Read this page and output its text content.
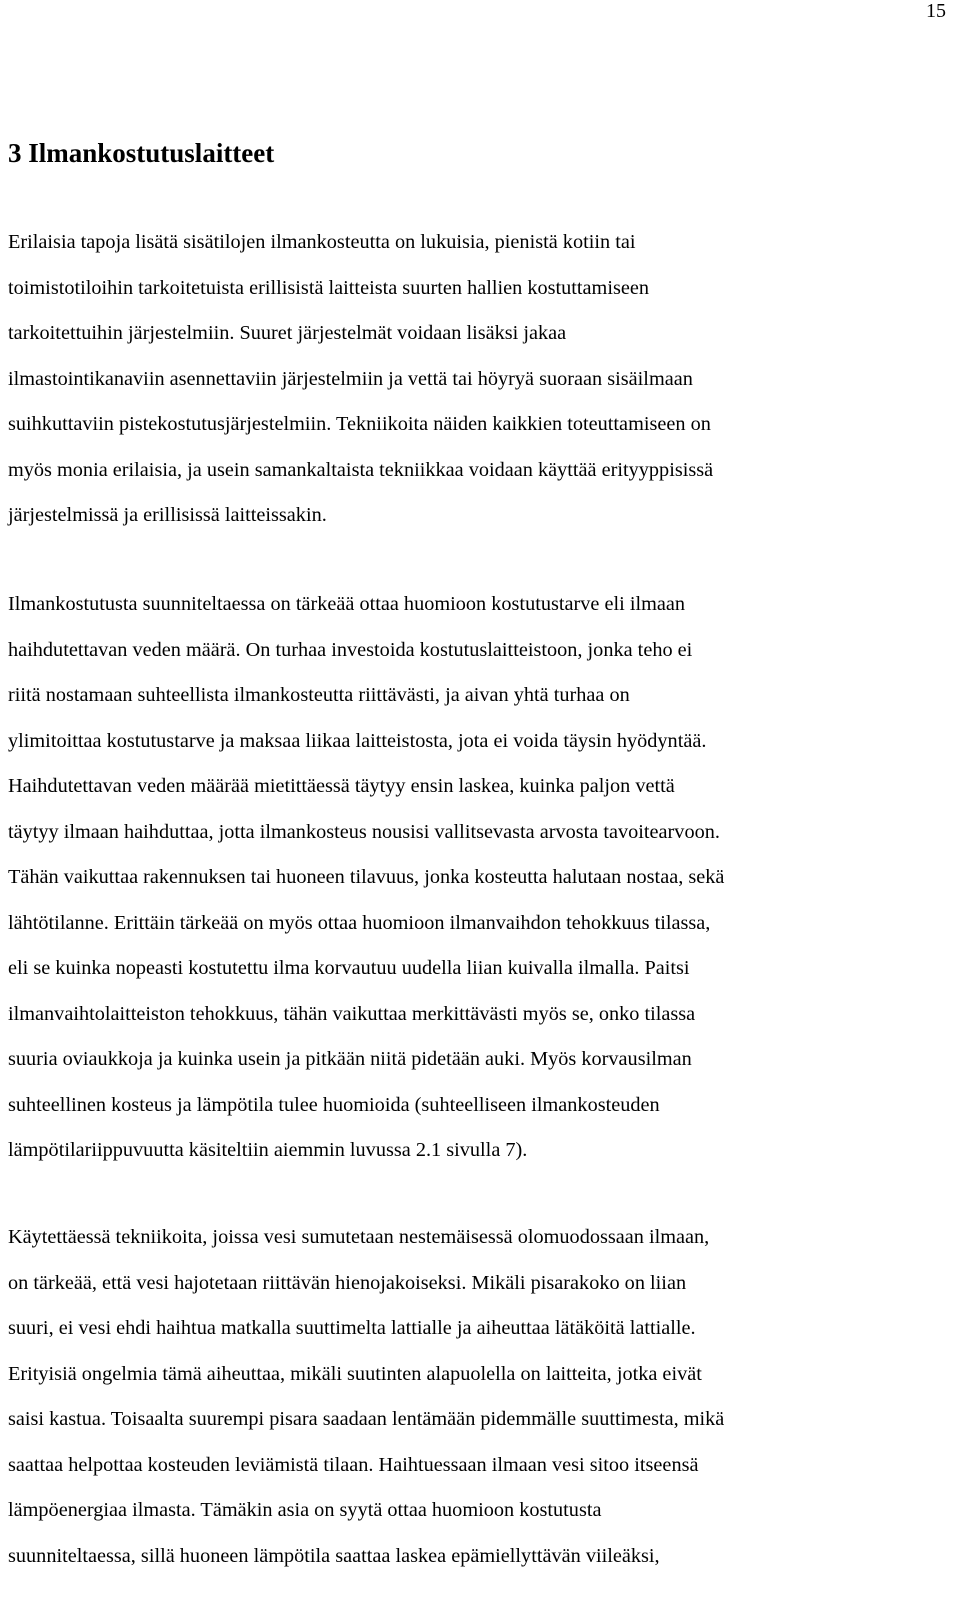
15
3 Ilmankostutuslaitteet

Erilaisia tapoja lisätä sisätilojen ilmankosteutta on lukuisia, pienistä kotiin tai
toimistotiloihin tarkoitetuista erillisistä laitteista suurten hallien kostuttamiseen
tarkoitettuihin järjestelmiin. Suuret järjestelmät voidaan lisäksi jakaa
ilmastointikanaviin asennettaviin järjestelmiin ja vettä tai höyryä suoraan sisäilmaan
suihkuttaviin pistekostutusjärjestelmiin. Tekniikoita näiden kaikkien toteuttamiseen on
myös monia erilaisia, ja usein samankaltaista tekniikkaa voidaan käyttää erityyppisissä
järjestelmissä ja erillisissä laitteissakin.

Ilmankostutusta suunniteltaessa on tärkeää ottaa huomioon kostutustarve eli ilmaan
haihdutettavan veden määrä. On turhaa investoida kostutuslaitteistoon, jonka teho ei
riitä nostamaan suhteellista ilmankosteutta riittävästi, ja aivan yhtä turhaa on
ylimitoittaa kostutustarve ja maksaa liikaa laitteistosta, jota ei voida täysin hyödyntää.
Haihdutettavan veden määrää mietittäessä täytyy ensin laskea, kuinka paljon vettä
täytyy ilmaan haihduttaa, jotta ilmankosteus nousisi vallitsevasta arvosta tavoitearvoon.
Tähän vaikuttaa rakennuksen tai huoneen tilavuus, jonka kosteutta halutaan nostaa, sekä
lähtötilanne. Erittäin tärkeää on myös ottaa huomioon ilmanvaihdon tehokkuus tilassa,
eli se kuinka nopeasti kostutettu ilma korvautuu uudella liian kuivalla ilmalla. Paitsi
ilmanvaihtolaitteiston tehokkuus, tähän vaikuttaa merkittävästi myös se, onko tilassa
suuria oviaukkoja ja kuinka usein ja pitkään niitä pidetään auki. Myös korvausilman
suhteellinen kosteus ja lämpötila tulee huomioida (suhteelliseen ilmankosteuden
lämpötilariippuvuutta käsiteltiin aiemmin luvussa 2.1 sivulla 7).

Käytettäessä tekniikoita, joissa vesi sumutetaan nestemäisessä olomuodossaan ilmaan,
on tärkeää, että vesi hajotetaan riittävän hienojakoiseksi. Mikäli pisarakoko on liian
suuri, ei vesi ehdi haihtua matkalla suuttimelta lattialle ja aiheuttaa lätäköitä lattialle.
Erityisiä ongelmia tämä aiheuttaa, mikäli suutinten alapuolella on laitteita, jotka eivät
saisi kastua. Toisaalta suurempi pisara saadaan lentämään pidemmälle suuttimesta, mikä
saattaa helpottaa kosteuden leviämistä tilaan. Haihtuessaan ilmaan vesi sitoo itseensä
lämpöenergiaa ilmasta. Tämäkin asia on syytä ottaa huomioon kostutusta
suunniteltaessa, sillä huoneen lämpötila saattaa laskea epämiellyttävän viileäksi,
